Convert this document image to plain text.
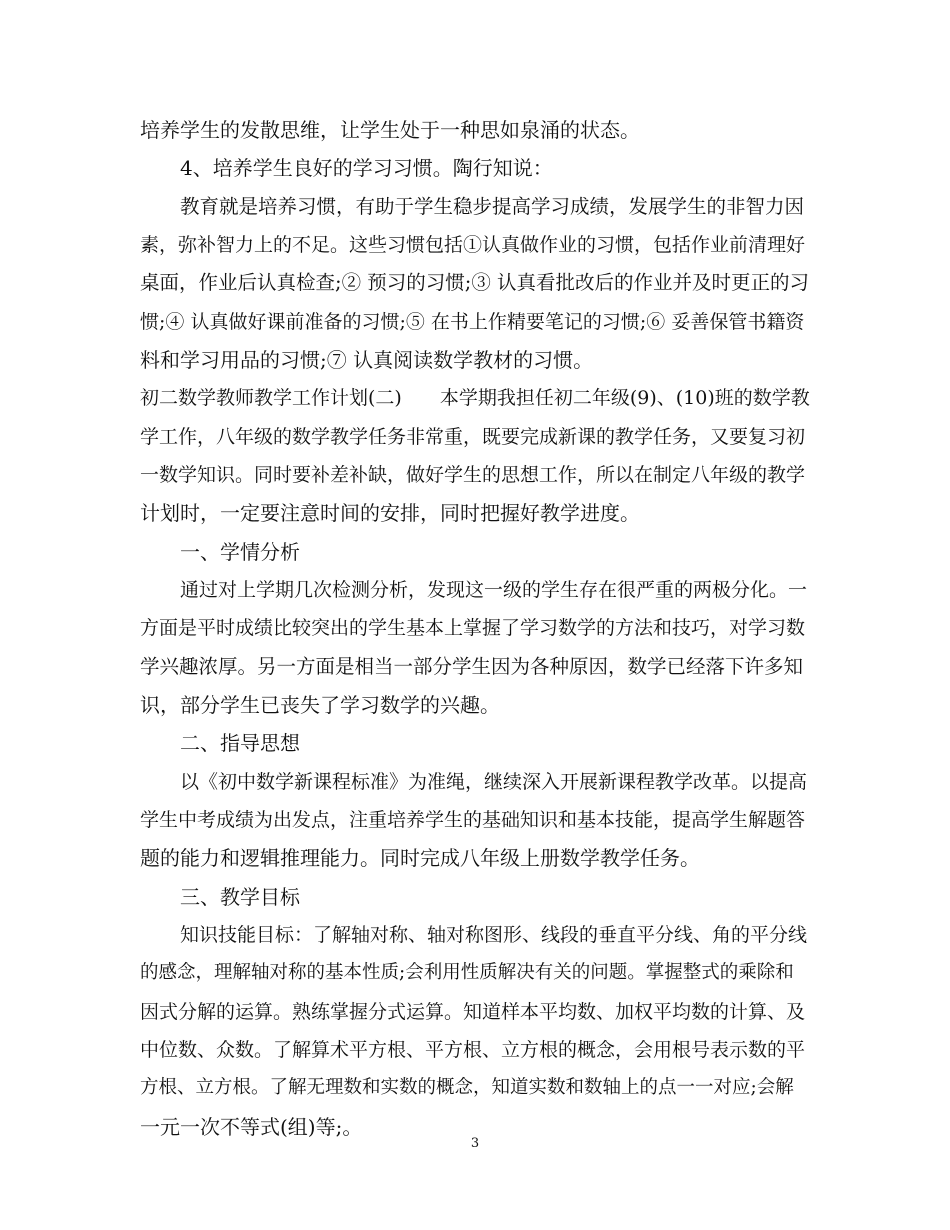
培养学生的发散思维，让学生处于一种思如泉涌的状态。

4、培养学生良好的学习习惯。陶行知说：

教育就是培养习惯，有助于学生稳步提高学习成绩，发展学生的非智力因

素，弥补智力上的不足。这些习惯包括①认真做作业的习惯，包括作业前清理好

桌面，作业后认真检查;② 预习的习惯;③ 认真看批改后的作业并及时更正的习

惯;④ 认真做好课前准备的习惯;⑤ 在书上作精要笔记的习惯;⑥ 妥善保管书籍资

料和学习用品的习惯;⑦ 认真阅读数学教材的习惯。

初二数学教师教学工作计划(二)　　本学期我担任初二年级(9)、(10)班的数学教

学工作，八年级的数学教学任务非常重，既要完成新课的教学任务，又要复习初

一数学知识。同时要补差补缺，做好学生的思想工作，所以在制定八年级的教学

计划时，一定要注意时间的安排，同时把握好教学进度。

一、学情分析

通过对上学期几次检测分析，发现这一级的学生存在很严重的两极分化。一

方面是平时成绩比较突出的学生基本上掌握了学习数学的方法和技巧，对学习数

学兴趣浓厚。另一方面是相当一部分学生因为各种原因，数学已经落下许多知

识，部分学生已丧失了学习数学的兴趣。

二、指导思想

以《初中数学新课程标准》为准绳，继续深入开展新课程教学改革。以提高

学生中考成绩为出发点，注重培养学生的基础知识和基本技能，提高学生解题答

题的能力和逻辑推理能力。同时完成八年级上册数学教学任务。

三、教学目标

知识技能目标：了解轴对称、轴对称图形、线段的垂直平分线、角的平分线

的感念，理解轴对称的基本性质;会利用性质解决有关的问题。掌握整式的乘除和

因式分解的运算。熟练掌握分式运算。知道样本平均数、加权平均数的计算、及

中位数、众数。了解算术平方根、平方根、立方根的概念，会用根号表示数的平

方根、立方根。了解无理数和实数的概念，知道实数和数轴上的点一一对应;会解

一元一次不等式(组)等;。

3
